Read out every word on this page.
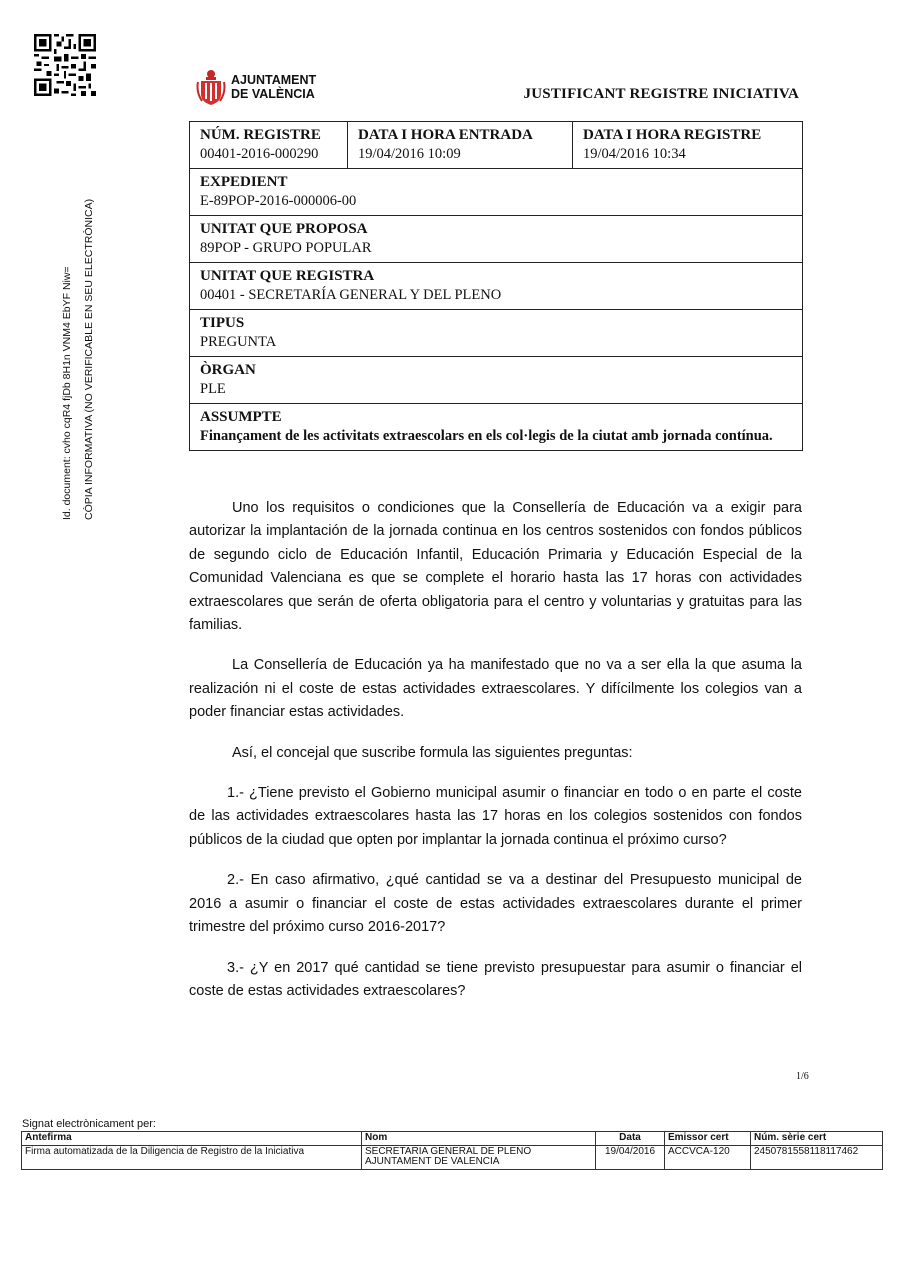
AJUNTAMENT
DE VALÈNCIA	JUSTIFICANT REGISTRE INICIATIVA
Id. document: cvho cqR4 fjDb 8H1n VNM4 EbYF Niw= CÒPIA INFORMATIVA (NO VERIFICABLE EN SEU ELECTRÒNICA)
NÚM. REGISTRE
00401-2016-000290

DATA I HORA ENTRADA
19/04/2016 10:09

DATA I HORA REGISTRE
19/04/2016 10:34

EXPEDIENT
E-89POP-2016-000006-00

UNITAT QUE PROPOSA
89POP - GRUPO POPULAR

UNITAT QUE REGISTRA
00401 - SECRETARÍA GENERAL Y DEL PLENO

TIPUS
PREGUNTA

ÒRGAN
PLE

ASSUMPTE
Finançament de les activitats extraescolars en els col·legis de la ciutat amb jornada contínua.

Uno los requisitos o condiciones que la Consellería de Educación va a exigir para autorizar la implantación de la jornada continua en los centros sostenidos con fondos públicos de segundo ciclo de Educación Infantil, Educación Primaria y Educación Especial de la Comunidad Valenciana es que se complete el horario hasta las 17 horas con actividades extraescolares que serán de oferta obligatoria para el centro y voluntarias y gratuitas para las familias.

La Consellería de Educación ya ha manifestado que no va a ser ella la que asuma la realización ni el coste de estas actividades extraescolares. Y difícilmente los colegios van a poder financiar estas actividades.

Así, el concejal que suscribe formula las siguientes preguntas:

1.- ¿Tiene previsto el Gobierno municipal asumir o financiar en todo o en parte el coste de las actividades extraescolares hasta las 17 horas en los colegios sostenidos con fondos públicos de la ciudad que opten por implantar la jornada continua el próximo curso?

2.- En caso afirmativo, ¿qué cantidad se va a destinar del Presupuesto municipal de 2016 a asumir o financiar el coste de estas actividades extraescolares durante el primer trimestre del próximo curso 2016-2017?

3.- ¿Y en 2017 qué cantidad se tiene previsto presupuestar para asumir o financiar el coste de estas actividades extraescolares?

1/6
Signat electrònicament per:
Antefirma	Nom	Data	Emissor cert	Núm. sèrie cert
Firma automatizada de la Diligencia de Registro de la Iniciativa	SECRETARIA GENERAL DE PLENO
AJUNTAMENT DE VALENCIA	19/04/2016	ACCVCA-120	2450781558118117462
